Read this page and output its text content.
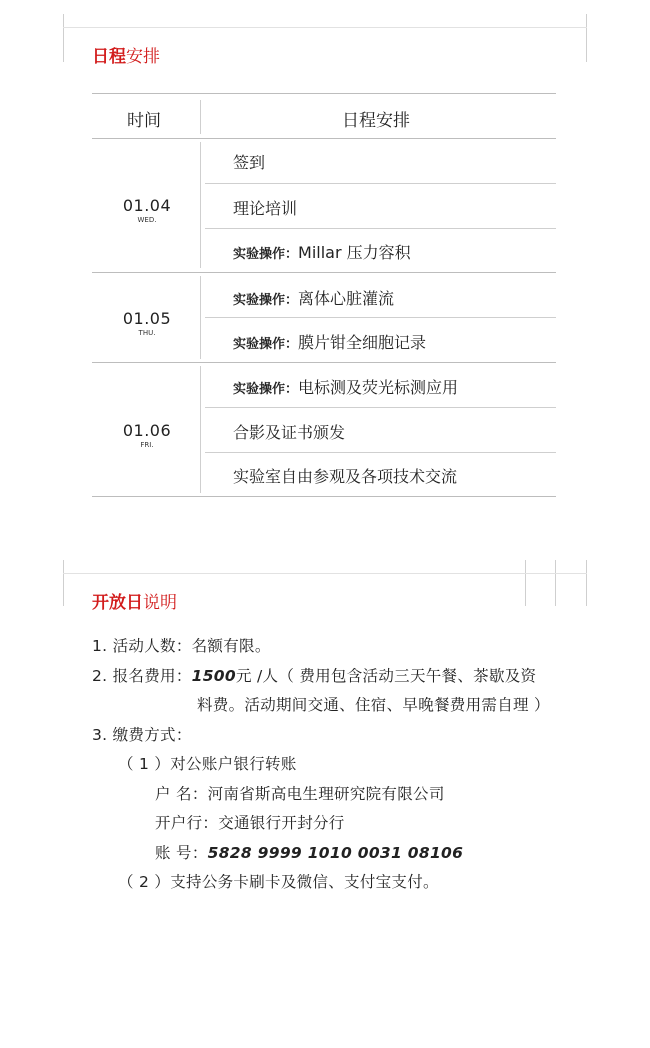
日程安排
时间	日程安排
01.04
WED.
签到
理论培训
实验操作：Millar 压力容积
01.05
THU.
实验操作：离体心脏灌流
实验操作：膜片钳全细胞记录
01.06
FRI.
实验操作：电标测及荧光标测应用
合影及证书颁发
实验室自由参观及各项技术交流
开放日说明
1. 活动人数：名额有限。
2. 报名费用：1500元 /人（ 费用包含活动三天午餐、茶歇及资
料费。活动期间交通、住宿、早晚餐费用需自理 ）
3. 缴费方式：
（ 1 ）对公账户银行转账
户 名：河南省斯高电生理研究院有限公司
开户行：交通银行开封分行
账 号：5828 9999 1010 0031 08106
（ 2 ）支持公务卡刷卡及微信、支付宝支付。
